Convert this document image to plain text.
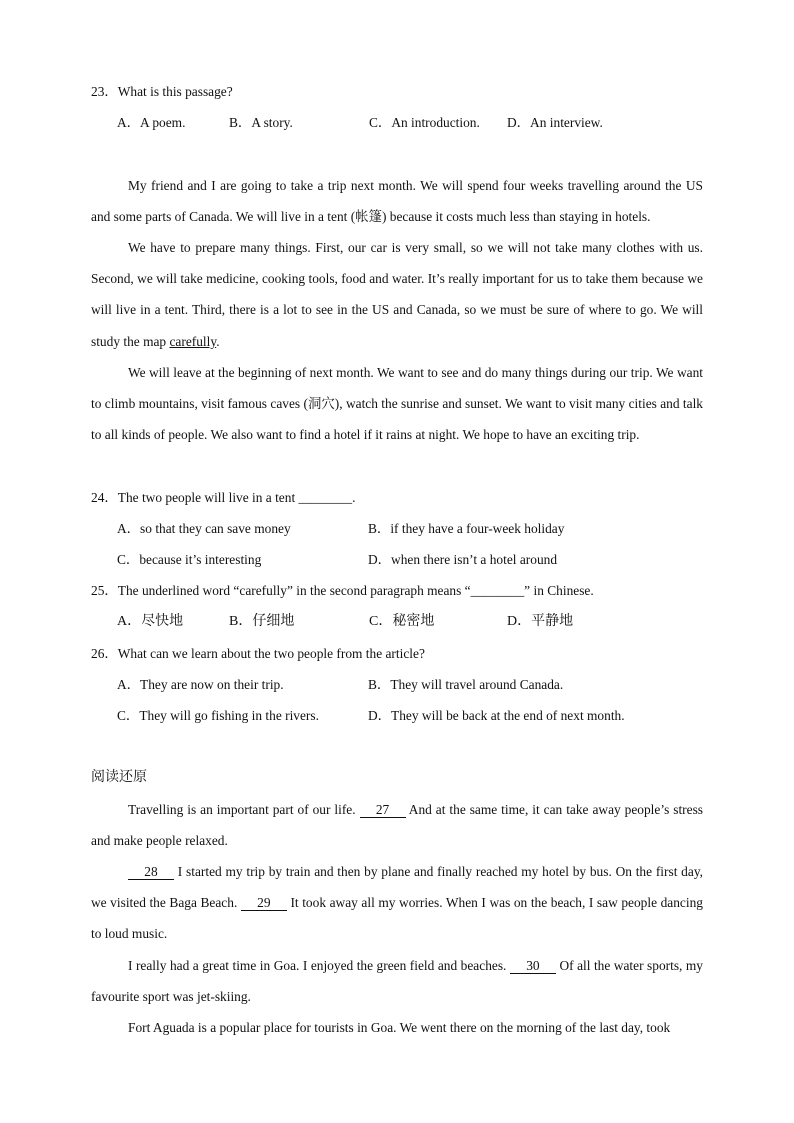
23．What is this passage?
A．A poem.	B．A story.	C．An introduction. D．An interview.
My friend and I are going to take a trip next month. We will spend four weeks travelling around the US and some parts of Canada. We will live in a tent (帐篷) because it costs much less than staying in hotels.
We have to prepare many things. First, our car is very small, so we will not take many clothes with us. Second, we will take medicine, cooking tools, food and water. It’s really important for us to take them because we will live in a tent. Third, there is a lot to see in the US and Canada, so we must be sure of where to go. We will study the map carefully.
We will leave at the beginning of next month. We want to see and do many things during our trip. We want to climb mountains, visit famous caves (洞穴), watch the sunrise and sunset. We want to visit many cities and talk to all kinds of people. We also want to find a hotel if it rains at night. We hope to have an exciting trip.
24．The two people will live in a tent ________.
A．so that they can save money	B．if they have a four-week holiday
C．because it’s interesting	D．when there isn’t a hotel around
25．The underlined word “carefully” in the second paragraph means “________” in Chinese.
A．尽快地	B．仔细地	C．秘密地	D．平静地
26．What can we learn about the two people from the article?
A．They are now on their trip.	B．They will travel around Canada.
C．They will go fishing in the rivers.	D．They will be back at the end of next month.
阅读还原
Travelling is an important part of our life. 27 And at the same time, it can take away people’s stress and make people relaxed.
28 I started my trip by train and then by plane and finally reached my hotel by bus. On the first day, we visited the Baga Beach. 29 It took away all my worries. When I was on the beach, I saw people dancing to loud music.
I really had a great time in Goa. I enjoyed the green field and beaches. 30 Of all the water sports, my favourite sport was jet-skiing.
Fort Aguada is a popular place for tourists in Goa. We went there on the morning of the last day, took
